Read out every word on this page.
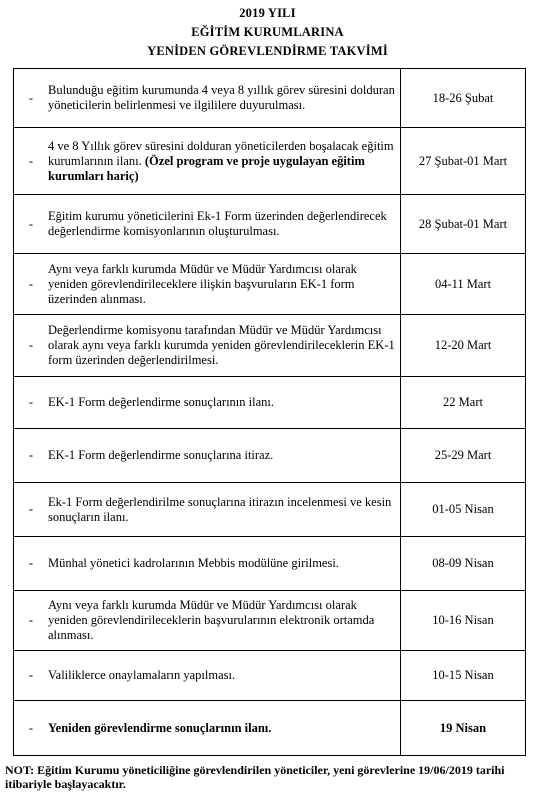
2019 YILI
EĞİTİM KURUMLARINA
YENİDEN GÖREVLENDİRME TAKVİMİ
-
Bulunduğu eğitim kurumunda 4 veya 8 yıllık görev süresini dolduran yöneticilerin belirlenmesi ve ilgililere duyurulması.	18-26 Şubat

-
4 ve 8 Yıllık görev süresini dolduran yöneticilerden boşalacak eğitim kurumlarının ilanı. (Özel program ve proje uygulayan eğitim kurumları hariç)	27 Şubat-01 Mart

-
Eğitim kurumu yöneticilerini Ek-1 Form üzerinden değerlendirecek değerlendirme komisyonlarının oluşturulması.	28 Şubat-01 Mart

-
Aynı veya farklı kurumda Müdür ve Müdür Yardımcısı olarak yeniden görevlendirileceklere ilişkin başvuruların EK-1 form üzerinden alınması.	04-11 Mart

-
Değerlendirme komisyonu tarafından Müdür ve Müdür Yardımcısı olarak aynı veya farklı kurumda yeniden görevlendirileceklerin EK-1 form üzerinden değerlendirilmesi.	12-20 Mart

- EK-1 Form değerlendirme sonuçlarının ilanı.	22 Mart

- EK-1 Form değerlendirme sonuçlarına itiraz.	25-29 Mart

-
Ek-1 Form değerlendirilme sonuçlarına itirazın incelenmesi ve kesin sonuçların ilanı.	01-05 Nisan

- Münhal yönetici kadrolarının Mebbis modülüne girilmesi.	08-09 Nisan

-
Aynı veya farklı kurumda Müdür ve Müdür Yardımcısı olarak yeniden görevlendirileceklerin başvurularının elektronik ortamda alınması.	10-16 Nisan

- Valiliklerce onaylamaların yapılması.	10-15 Nisan

- Yeniden görevlendirme sonuçlarının ilanı.	19 Nisan
NOT: Eğitim Kurumu yöneticiliğine görevlendirilen yöneticiler, yeni görevlerine 19/06/2019 tarihi itibariyle başlayacaktır.
